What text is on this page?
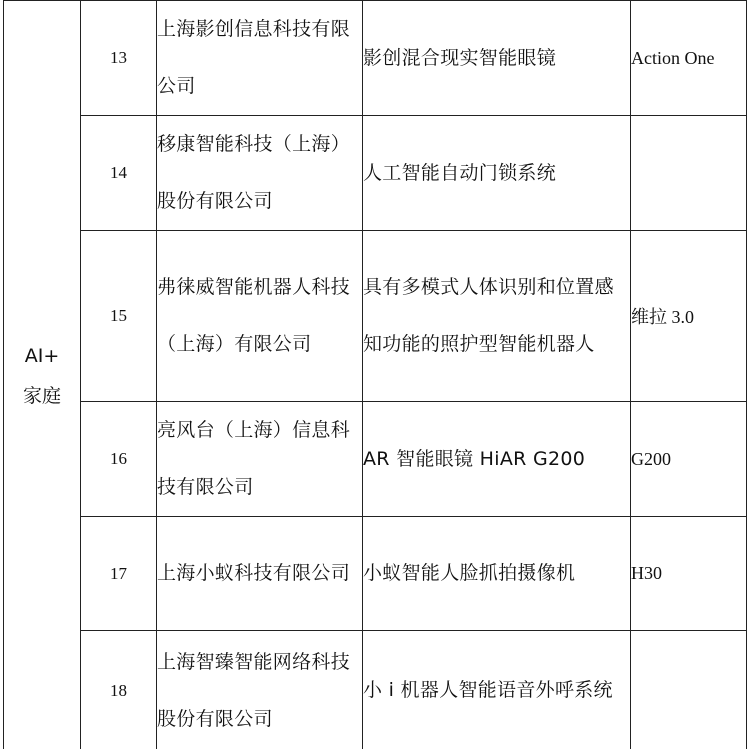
AI+
家庭	13	上海影创信息科技有限公司	影创混合现实智能眼镜	Action One
	14	移康智能科技（上海）股份有限公司	人工智能自动门锁系统	
	15	弗徕威智能机器人科技（上海）有限公司	具有多模式人体识别和位置感知功能的照护型智能机器人	维拉 3.0
	16	亮风台（上海）信息科技有限公司	AR 智能眼镜 HiAR G200	G200
	17	上海小蚁科技有限公司	小蚁智能人脸抓拍摄像机	H30
	18	上海智臻智能网络科技股份有限公司	小 i 机器人智能语音外呼系统	
